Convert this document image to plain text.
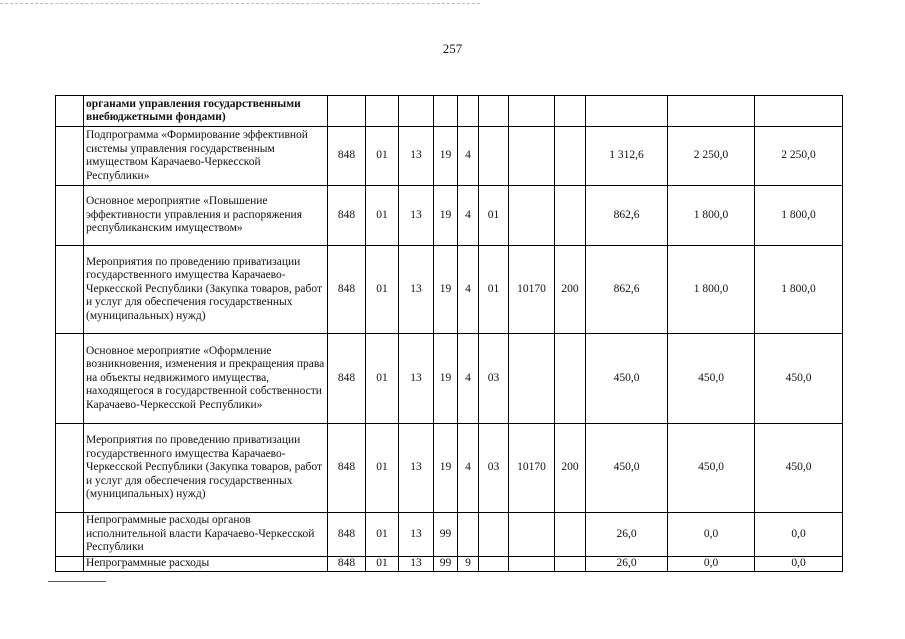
257
	органами управления государственными внебюджетными фондами)											
	Подпрограмма «Формирование эффективной системы управления государственным имуществом Карачаево-Черкесской Республики»	848	01	13	19	4				1 312,6	2 250,0	2 250,0
	Основное мероприятие «Повышение эффективности управления и распоряжения республиканским имуществом»	848	01	13	19	4	01			862,6	1 800,0	1 800,0
	Мероприятия по проведению приватизации государственного имущества Карачаево-Черкесской Республики (Закупка товаров, работ и услуг для обеспечения государственных (муниципальных) нужд)	848	01	13	19	4	01	10170	200	862,6	1 800,0	1 800,0
	Основное мероприятие «Оформление возникновения, изменения и прекращения права на объекты недвижимого имущества, находящегося в государственной собственности Карачаево-Черкесской Республики»	848	01	13	19	4	03			450,0	450,0	450,0
	Мероприятия по проведению приватизации государственного имущества Карачаево-Черкесской Республики (Закупка товаров, работ и услуг для обеспечения государственных (муниципальных) нужд)	848	01	13	19	4	03	10170	200	450,0	450,0	450,0
	Непрограммные расходы органов исполнительной власти Карачаево-Черкесской Республики	848	01	13	99					26,0	0,0	0,0
	Непрограммные расходы	848	01	13	99	9				26,0	0,0	0,0
